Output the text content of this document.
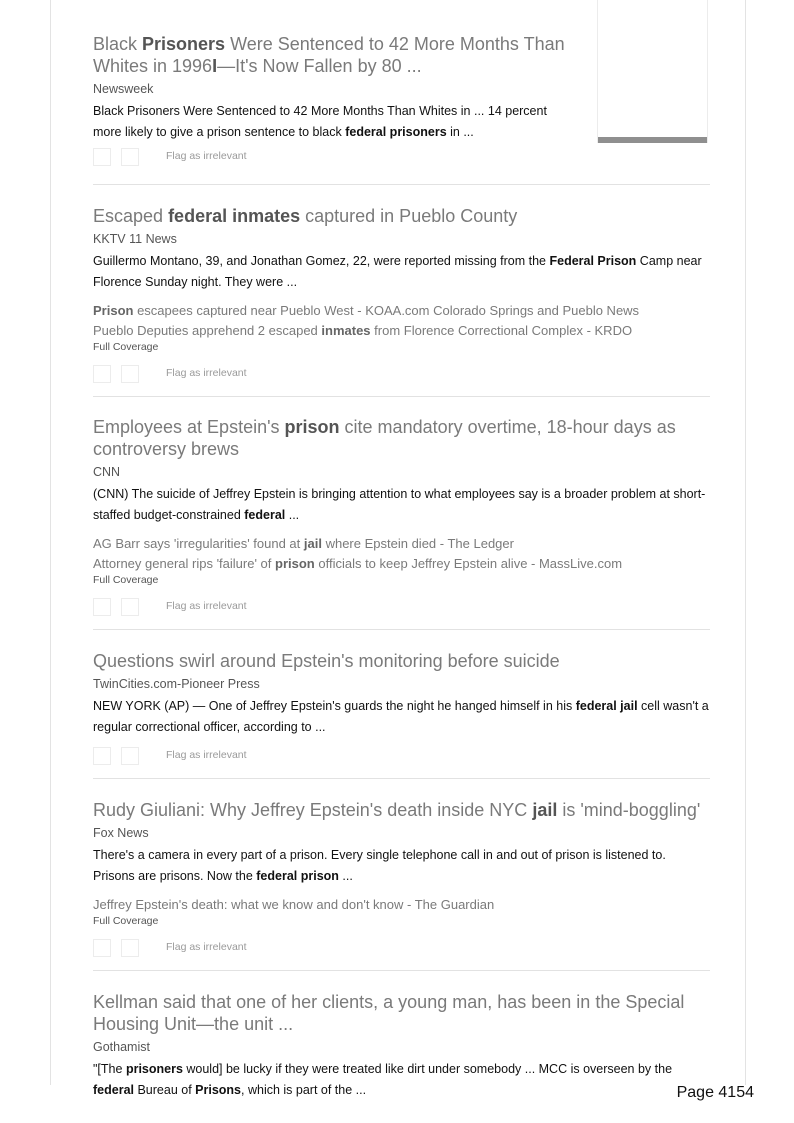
Black Prisoners Were Sentenced to 42 More Months Than Whites in 1996I—It's Now Fallen by 80 ...
Newsweek
Black Prisoners Were Sentenced to 42 More Months Than Whites in ... 14 percent more likely to give a prison sentence to black federal prisoners in ...
Flag as irrelevant
Escaped federal inmates captured in Pueblo County
KKTV 11 News
Guillermo Montano, 39, and Jonathan Gomez, 22, were reported missing from the Federal Prison Camp near Florence Sunday night. They were ...
Prison escapees captured near Pueblo West - KOAA.com Colorado Springs and Pueblo News
Pueblo Deputies apprehend 2 escaped inmates from Florence Correctional Complex - KRDO
Full Coverage
Flag as irrelevant
Employees at Epstein's prison cite mandatory overtime, 18-hour days as controversy brews
CNN
(CNN) The suicide of Jeffrey Epstein is bringing attention to what employees say is a broader problem at short-staffed budget-constrained federal ...
AG Barr says 'irregularities' found at jail where Epstein died - The Ledger
Attorney general rips 'failure' of prison officials to keep Jeffrey Epstein alive - MassLive.com
Full Coverage
Flag as irrelevant
Questions swirl around Epstein's monitoring before suicide
TwinCities.com-Pioneer Press
NEW YORK (AP) — One of Jeffrey Epstein's guards the night he hanged himself in his federal jail cell wasn't a regular correctional officer, according to ...
Flag as irrelevant
Rudy Giuliani: Why Jeffrey Epstein's death inside NYC jail is 'mind-boggling'
Fox News
There's a camera in every part of a prison. Every single telephone call in and out of prison is listened to. Prisons are prisons. Now the federal prison ...
Jeffrey Epstein's death: what we know and don't know - The Guardian
Full Coverage
Flag as irrelevant
Kellman said that one of her clients, a young man, has been in the Special Housing Unit—the unit ...
Gothamist
"[The prisoners would] be lucky if they were treated like dirt under somebody ... MCC is overseen by the federal Bureau of Prisons, which is part of the ...	Page 4154
